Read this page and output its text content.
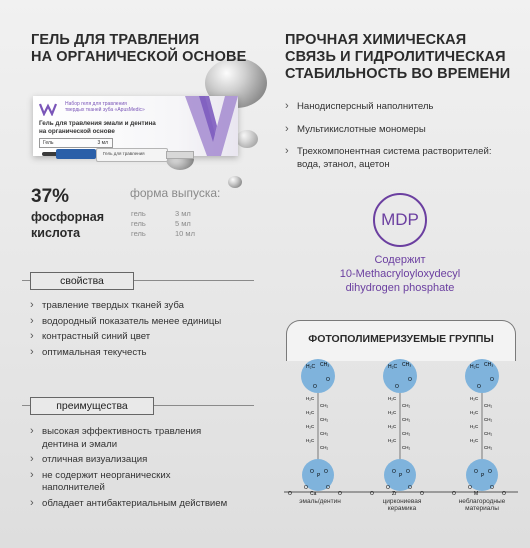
ГЕЛЬ ДЛЯ ТРАВЛЕНИЯ
НА ОРГАНИЧЕСКОЙ ОСНОВЕ
Набор геля для травления
твердых тканей зуба «ApusMedic»
Гель для травления эмали и дентина
на органической основе
Гель	3 мл
Гель для травления
37%
фосфорная
кислота
форма выпуска:
гель	3 мл
гель	5 мл
гель	10 мл
свойства
› травление твердых тканей зуба
› водородный показатель менее единицы
› контрастный синий цвет
› оптимальная текучесть
преимущества
› высокая эффективность травления дентина и эмали
› отличная визуализация
› не содержит неорганических наполнителей
› обладает антибактериальным действием
ПРОЧНАЯ ХИМИЧЕСКАЯ
СВЯЗЬ И ГИДРОЛИТИЧЕСКАЯ
СТАБИЛЬНОСТЬ ВО ВРЕМЕНИ
› Нанодисперсный наполнитель
› Мультикислотные мономеры
› Трехкомпонентная система растворителей: вода, этанол, ацетон
MDP
Содержит
10-Methacryloyloxydecyl
dihydrogen phosphate
ФОТОПОЛИМЕРИЗУЕМЫЕ ГРУППЫ
H₂C CH₃
O
O
H₂C
CH₂
H₂C
CH₂
H₂C
CH₂
H₂C
CH₂
O
P
O
O	O
O	Ca	O
H₂C CH₃
O
O
H₂C
CH₂
H₂C
CH₂
H₂C
CH₂
H₂C
CH₂
O
P
O
O	O
O	Zr	O
H₂C CH₃
O
O
H₂C
CH₂
H₂C
CH₂
H₂C
CH₂
H₂C
CH₂
O
P
O
O	O
O	M	O
эмаль/дентин	циркониевая
керамика
неблагородные
материалы
